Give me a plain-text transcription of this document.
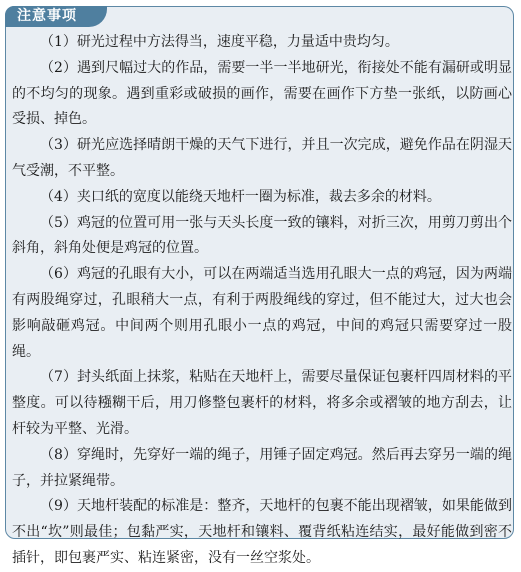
注意事项

（1）研光过程中方法得当，速度平稳，力量适中贵均匀。

（2）遇到尺幅过大的作品，需要一半一半地研光，衔接处不能有漏研或明显的不均匀的现象。遇到重彩或破损的画作，需要在画作下方垫一张纸，以防画心受损、掉色。

（3）研光应选择晴朗干燥的天气下进行，并且一次完成，避免作品在阴湿天气受潮，不平整。

（4）夹口纸的宽度以能绕天地杆一圈为标准，裁去多余的材料。

（5）鸡冠的位置可用一张与天头长度一致的镶料，对折三次，用剪刀剪出个斜角，斜角处便是鸡冠的位置。

（6）鸡冠的孔眼有大小，可以在两端适当选用孔眼大一点的鸡冠，因为两端有两股绳穿过，孔眼稍大一点，有利于两股绳线的穿过，但不能过大，过大也会影响敲砸鸡冠。中间两个则用孔眼小一点的鸡冠，中间的鸡冠只需要穿过一股绳。

（7）封头纸面上抹浆，粘贴在天地杆上，需要尽量保证包裹杆四周材料的平整度。可以待糨糊干后，用刀修整包裹杆的材料，将多余或褶皱的地方刮去，让杆较为平整、光滑。

（8）穿绳时，先穿好一端的绳子，用锤子固定鸡冠。然后再去穿另一端的绳子，并拉紧绳带。

（9）天地杆装配的标准是：整齐，天地杆的包裹不能出现褶皱，如果能做到不出“坎”则最佳；包黏严实，天地杆和镶料、覆背纸粘连结实，最好能做到密不插针，即包裹严实、粘连紧密，没有一丝空浆处。
